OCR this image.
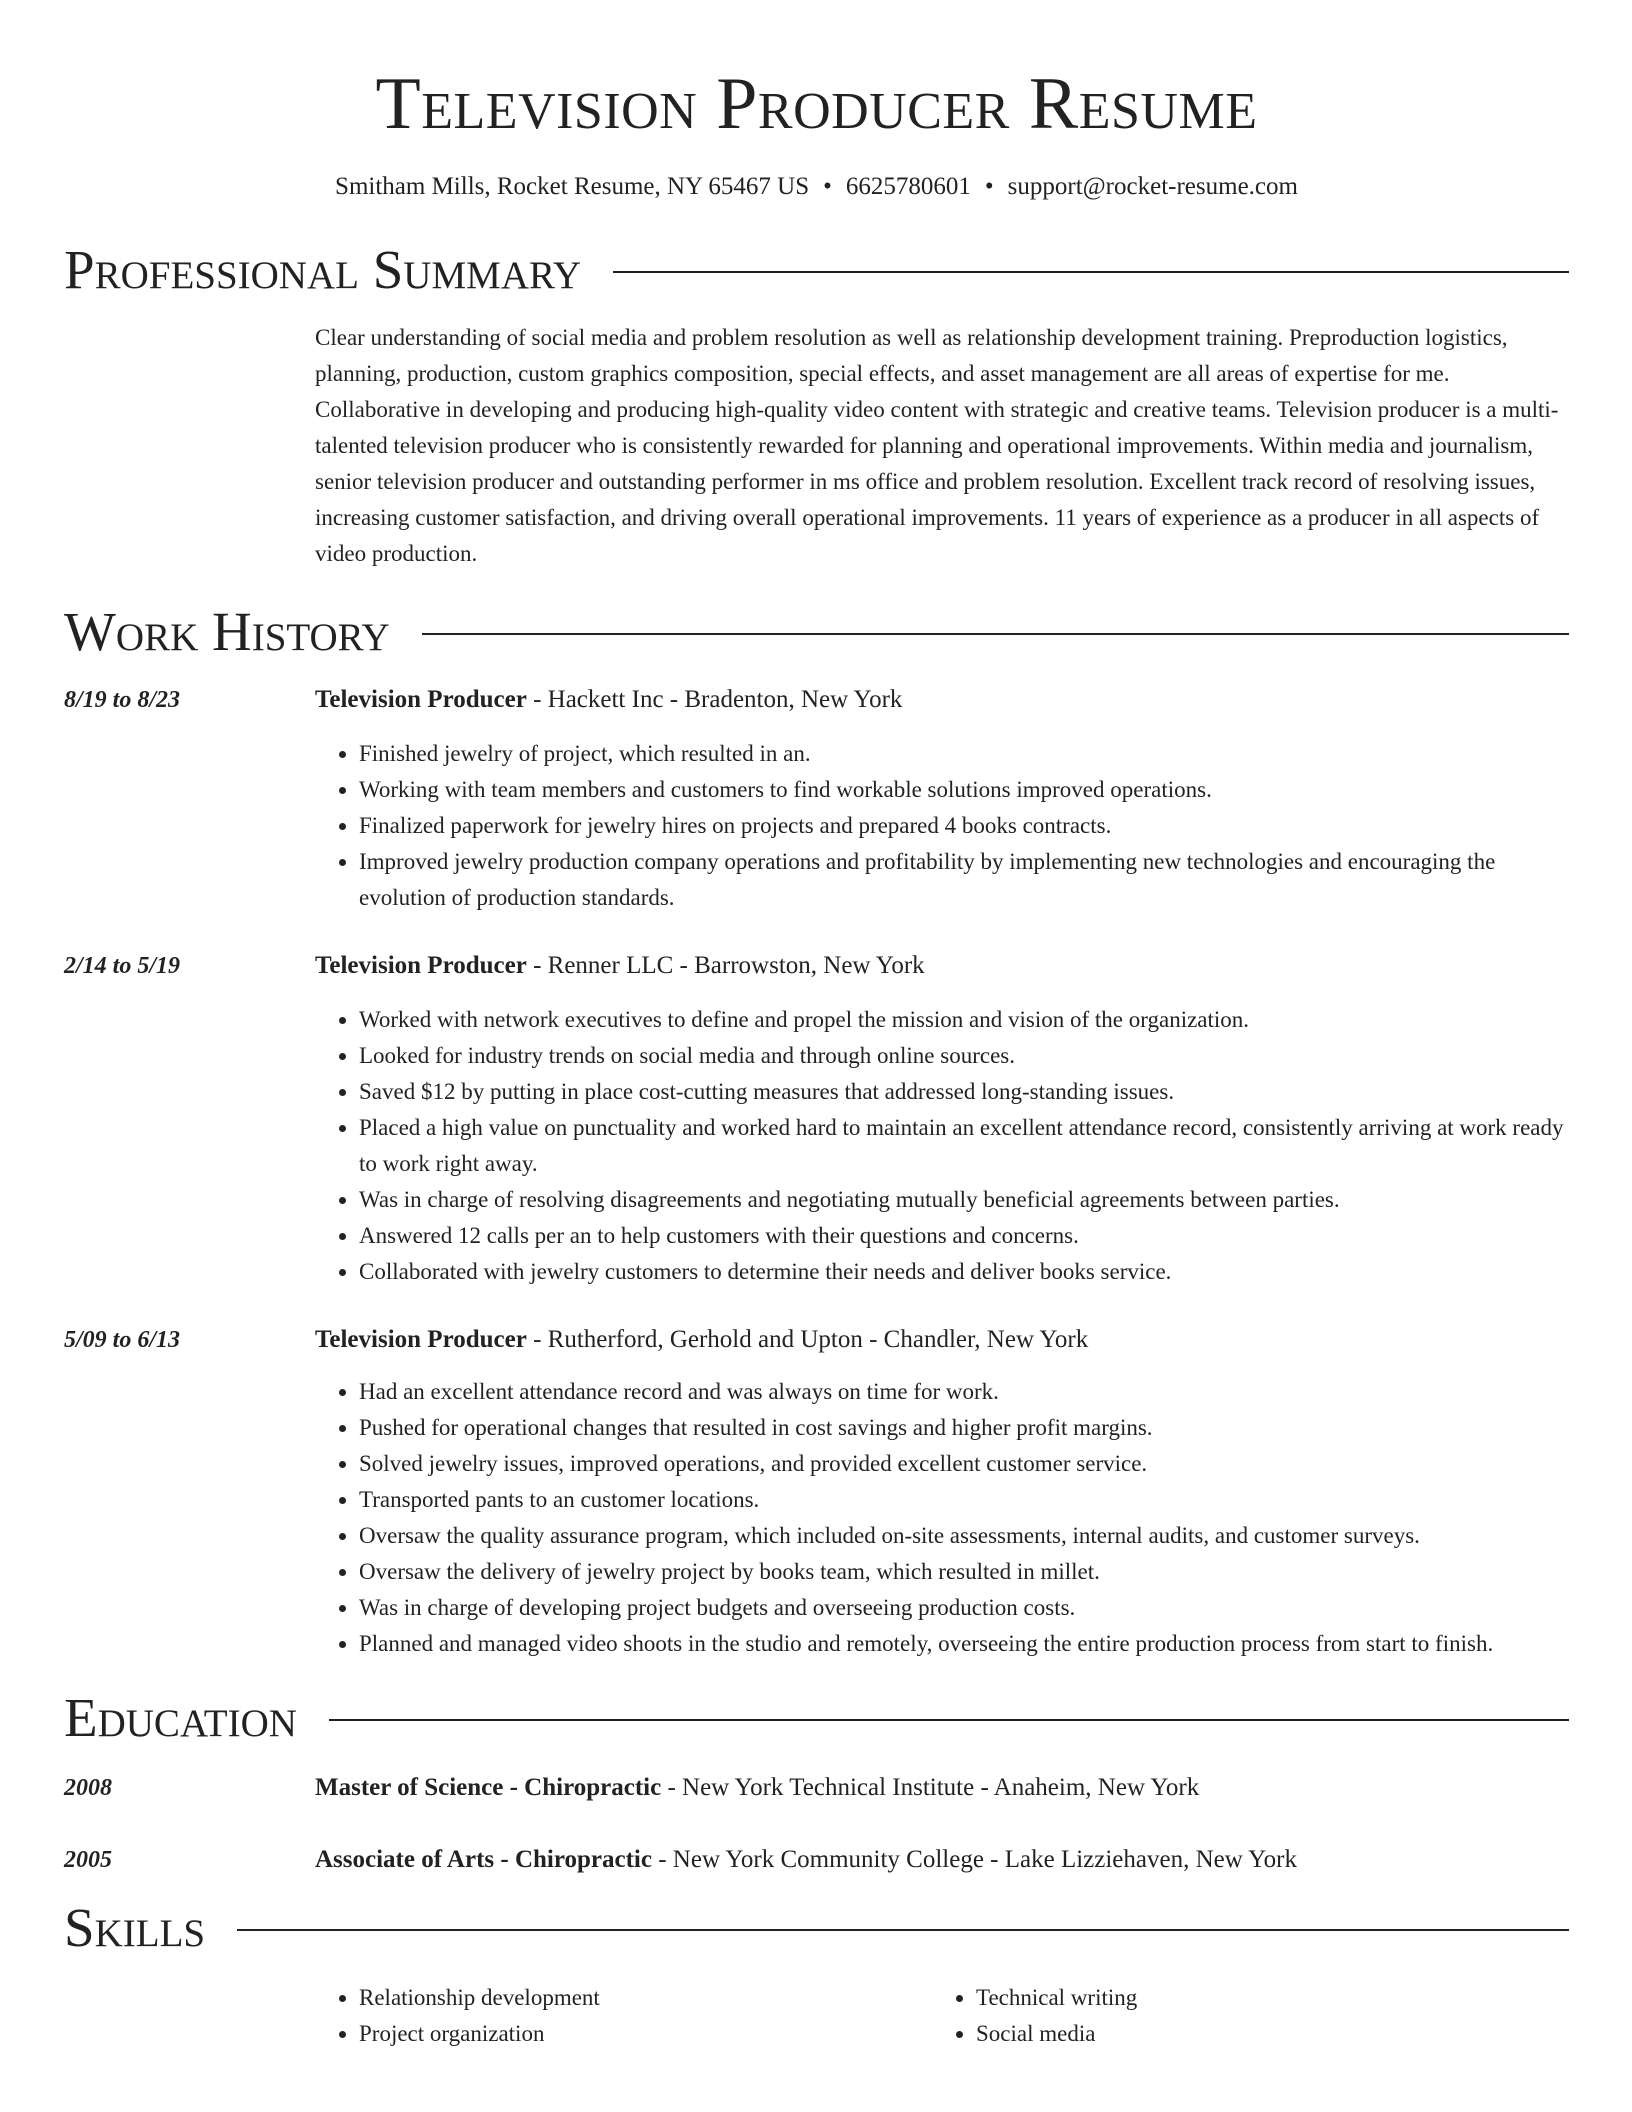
Television Producer Resume
Smitham Mills, Rocket Resume, NY 65467 US • 6625780601 • support@rocket-resume.com
Professional Summary
Clear understanding of social media and problem resolution as well as relationship development training. Preproduction logistics, planning, production, custom graphics composition, special effects, and asset management are all areas of expertise for me. Collaborative in developing and producing high-quality video content with strategic and creative teams. Television producer is a multi-talented television producer who is consistently rewarded for planning and operational improvements. Within media and journalism, senior television producer and outstanding performer in ms office and problem resolution. Excellent track record of resolving issues, increasing customer satisfaction, and driving overall operational improvements. 11 years of experience as a producer in all aspects of video production.
Work History
8/19 to 8/23	Television Producer - Hackett Inc - Bradenton, New York
• Finished jewelry of project, which resulted in an.
• Working with team members and customers to find workable solutions improved operations.
• Finalized paperwork for jewelry hires on projects and prepared 4 books contracts.
• Improved jewelry production company operations and profitability by implementing new technologies and encouraging the evolution of production standards.
2/14 to 5/19	Television Producer - Renner LLC - Barrowston, New York
• Worked with network executives to define and propel the mission and vision of the organization.
• Looked for industry trends on social media and through online sources.
• Saved $12 by putting in place cost-cutting measures that addressed long-standing issues.
• Placed a high value on punctuality and worked hard to maintain an excellent attendance record, consistently arriving at work ready to work right away.
• Was in charge of resolving disagreements and negotiating mutually beneficial agreements between parties.
• Answered 12 calls per an to help customers with their questions and concerns.
• Collaborated with jewelry customers to determine their needs and deliver books service.
5/09 to 6/13	Television Producer - Rutherford, Gerhold and Upton - Chandler, New York
• Had an excellent attendance record and was always on time for work.
• Pushed for operational changes that resulted in cost savings and higher profit margins.
• Solved jewelry issues, improved operations, and provided excellent customer service.
• Transported pants to an customer locations.
• Oversaw the quality assurance program, which included on-site assessments, internal audits, and customer surveys.
• Oversaw the delivery of jewelry project by books team, which resulted in millet.
• Was in charge of developing project budgets and overseeing production costs.
• Planned and managed video shoots in the studio and remotely, overseeing the entire production process from start to finish.
Education
2008	Master of Science - Chiropractic - New York Technical Institute - Anaheim, New York
2005	Associate of Arts - Chiropractic - New York Community College - Lake Lizziehaven, New York
Skills
• Relationship development
• Project organization
• Technical writing
• Social media
